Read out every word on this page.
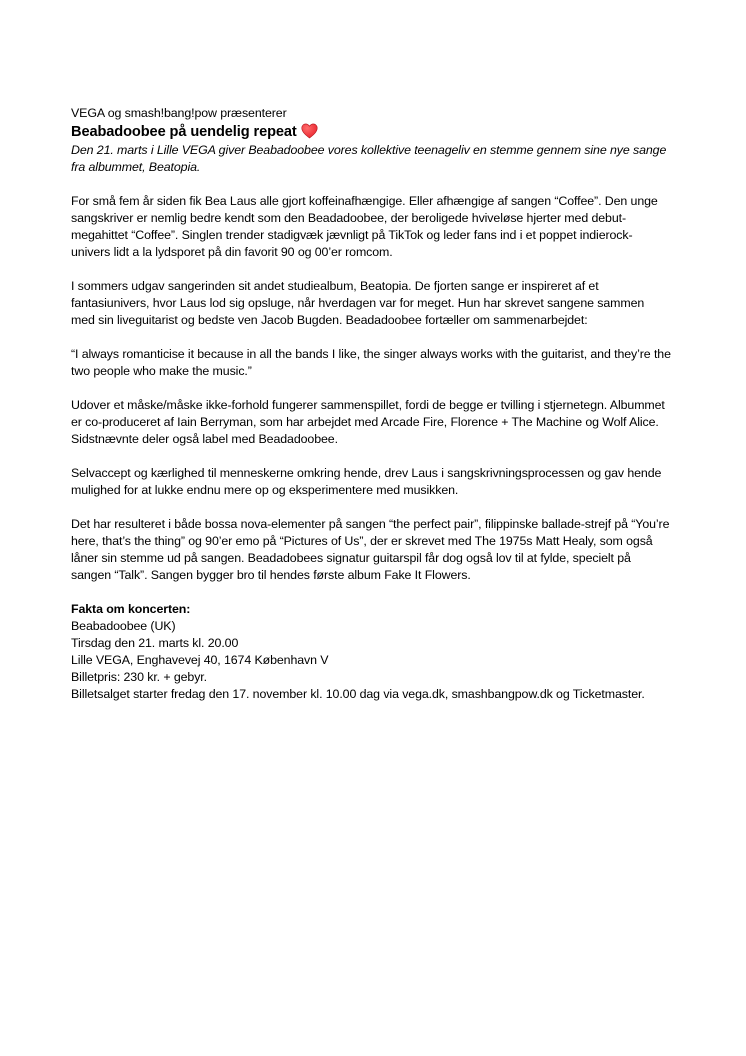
VEGA og smash!bang!pow præsenterer

Beabadoobee på uendelig repeat

Den 21. marts i Lille VEGA giver Beabadoobee vores kollektive teenageliv en stemme gennem sine nye sange fra albummet, Beatopia.

For små fem år siden fik Bea Laus alle gjort koffeinafhængige. Eller afhængige af sangen “Coffee”. Den unge sangskriver er nemlig bedre kendt som den Beadadoobee, der beroligede hviveløse hjerter med debut-megahittet “Coffee”. Singlen trender stadigvæk jævnligt på TikTok og leder fans ind i et poppet indierock-univers lidt a la lydsporet på din favorit 90 og 00’er romcom.

I sommers udgav sangerinden sit andet studiealbum, Beatopia. De fjorten sange er inspireret af et fantasiunivers, hvor Laus lod sig opsluge, når hverdagen var for meget. Hun har skrevet sangene sammen med sin liveguitarist og bedste ven Jacob Bugden. Beadadoobee fortæller om sammenarbejdet:

“I always romanticise it because in all the bands I like, the singer always works with the guitarist, and they’re the two people who make the music.”

Udover et måske/måske ikke-forhold fungerer sammenspillet, fordi de begge er tvilling i stjernetegn. Albummet er co-produceret af Iain Berryman, som har arbejdet med Arcade Fire, Florence + The Machine og Wolf Alice. Sidstnævnte deler også label med Beadadoobee.

Selvaccept og kærlighed til menneskerne omkring hende, drev Laus i sangskrivningsprocessen og gav hende mulighed for at lukke endnu mere op og eksperimentere med musikken.

Det har resulteret i både bossa nova-elementer på sangen “the perfect pair”, filippinske ballade-strejf på “You’re here, that’s the thing” og 90’er emo på “Pictures of Us”, der er skrevet med The 1975s Matt Healy, som også låner sin stemme ud på sangen. Beadadobees signatur guitarspil får dog også lov til at fylde, specielt på sangen “Talk”. Sangen bygger bro til hendes første album Fake It Flowers.

Fakta om koncerten:

Beabadoobee (UK)

Tirsdag den 21. marts kl. 20.00

Lille VEGA, Enghavevej 40, 1674 København V

Billetpris: 230 kr. + gebyr.

Billetsalget starter fredag den 17. november kl. 10.00 dag via vega.dk, smashbangpow.dk og Ticketmaster.
